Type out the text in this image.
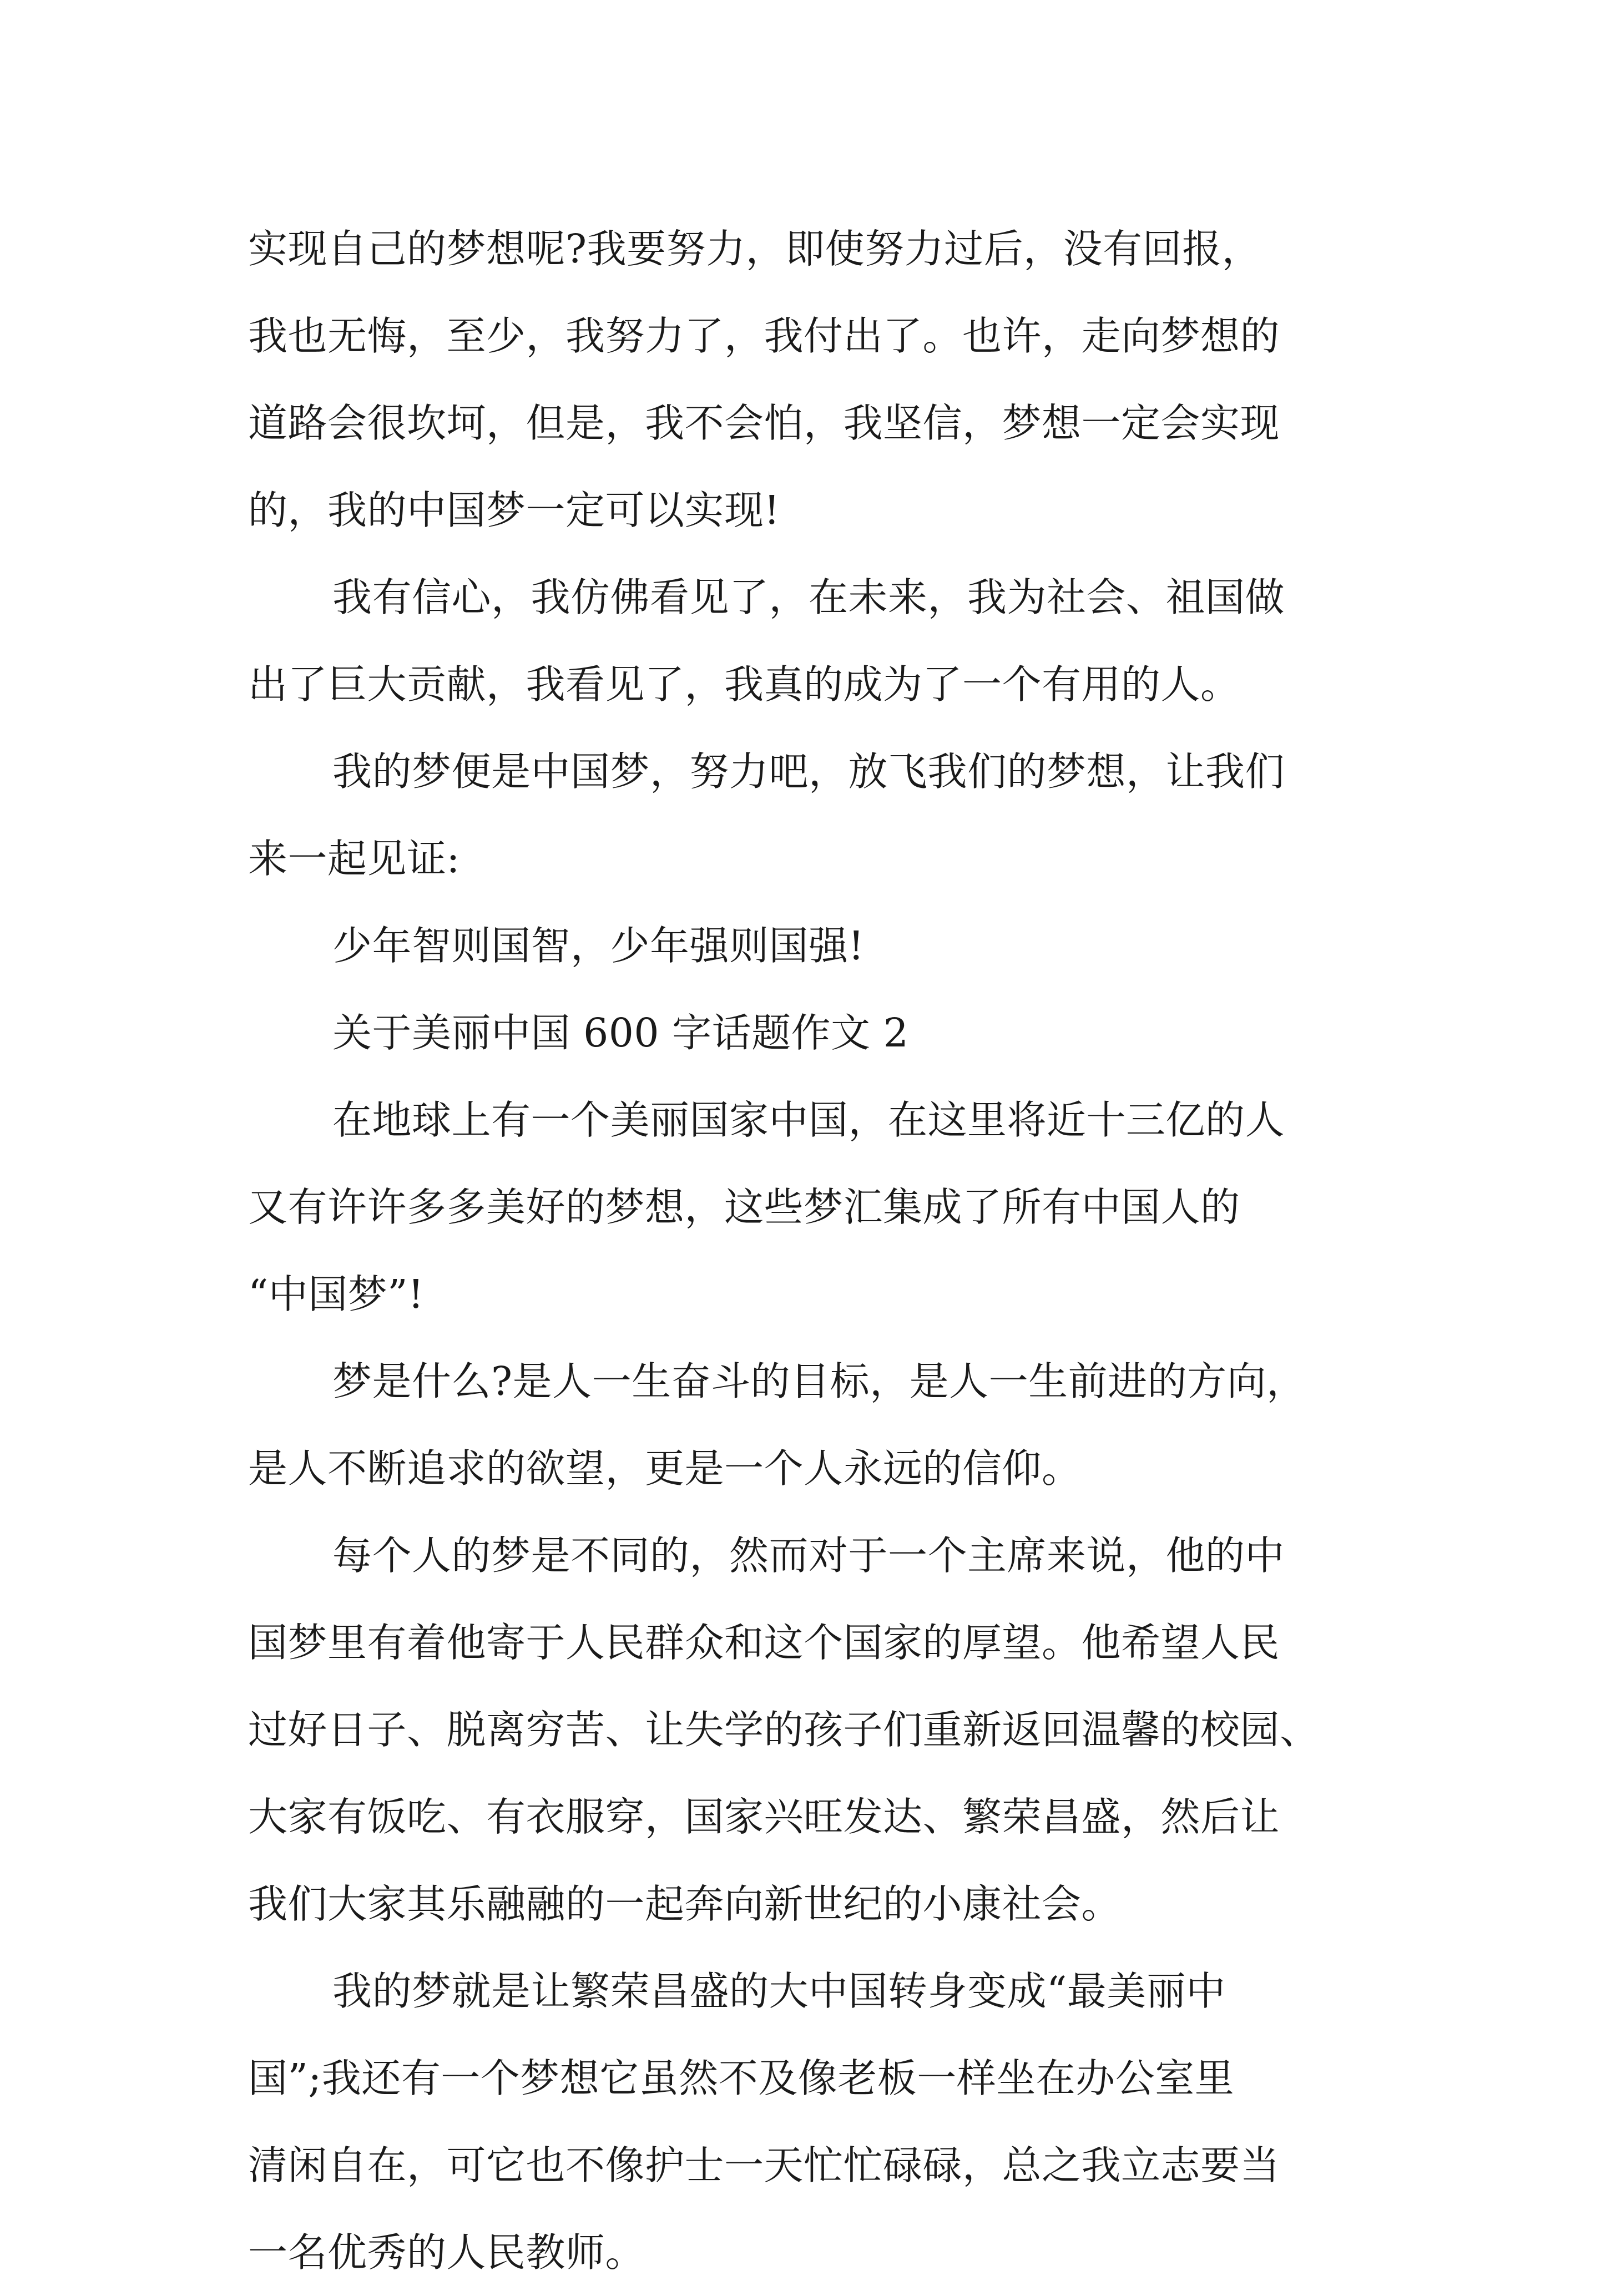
实现自己的梦想呢?我要努力，即使努力过后，没有回报，
我也无悔，至少，我努力了，我付出了。也许，走向梦想的
道路会很坎坷，但是，我不会怕，我坚信，梦想一定会实现
的，我的中国梦一定可以实现!
我有信心，我仿佛看见了，在未来，我为社会、祖国做
出了巨大贡献，我看见了，我真的成为了一个有用的人。
我的梦便是中国梦，努力吧，放飞我们的梦想，让我们
来一起见证:
少年智则国智，少年强则国强!
关于美丽中国 600 字话题作文 2
在地球上有一个美丽国家中国，在这里将近十三亿的人
又有许许多多美好的梦想，这些梦汇集成了所有中国人的
“中国梦”!
梦是什么?是人一生奋斗的目标，是人一生前进的方向，
是人不断追求的欲望，更是一个人永远的信仰。
每个人的梦是不同的，然而对于一个主席来说，他的中
国梦里有着他寄于人民群众和这个国家的厚望。他希望人民
过好日子、脱离穷苦、让失学的孩子们重新返回温馨的校园、
大家有饭吃、有衣服穿，国家兴旺发达、繁荣昌盛，然后让
我们大家其乐融融的一起奔向新世纪的小康社会。
我的梦就是让繁荣昌盛的大中国转身变成“最美丽中
国”;我还有一个梦想它虽然不及像老板一样坐在办公室里
清闲自在，可它也不像护士一天忙忙碌碌，总之我立志要当
一名优秀的人民教师。
